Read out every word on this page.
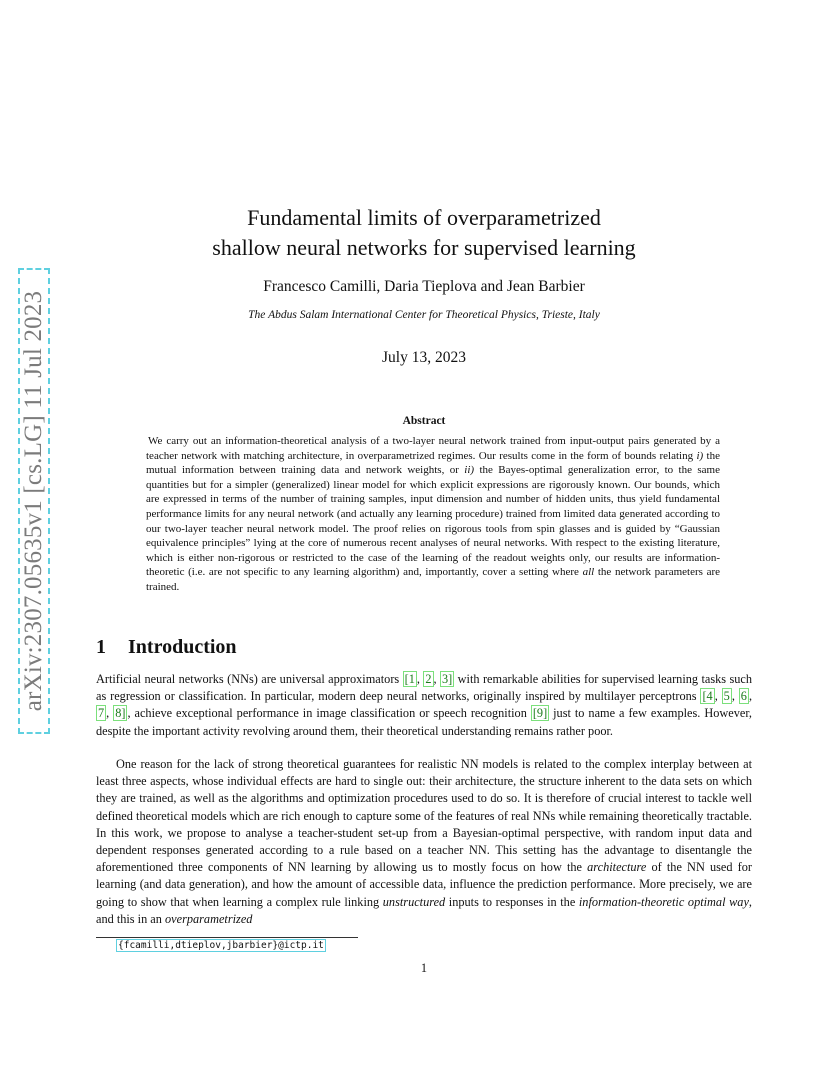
arXiv:2307.05635v1 [cs.LG] 11 Jul 2023
Fundamental limits of overparametrized
shallow neural networks for supervised learning
Francesco Camilli, Daria Tieplova and Jean Barbier
The Abdus Salam International Center for Theoretical Physics, Trieste, Italy
July 13, 2023
Abstract

We carry out an information-theoretical analysis of a two-layer neural network trained from input-output pairs generated by a teacher network with matching architecture, in overparametrized regimes. Our results come in the form of bounds relating i) the mutual information between training data and network weights, or ii) the Bayes-optimal generalization error, to the same quantities but for a simpler (generalized) linear model for which explicit expressions are rigorously known. Our bounds, which are expressed in terms of the number of training samples, input dimension and number of hidden units, thus yield fundamental performance limits for any neural network (and actually any learning procedure) trained from limited data generated according to our two-layer teacher neural network model. The proof relies on rigorous tools from spin glasses and is guided by “Gaussian equivalence principles” lying at the core of numerous recent analyses of neural networks. With respect to the existing literature, which is either non-rigorous or restricted to the case of the learning of the readout weights only, our results are information-theoretic (i.e. are not specific to any learning algorithm) and, importantly, cover a setting where all the network parameters are trained.

1 Introduction

Artificial neural networks (NNs) are universal approximators [1 , 2 , 3] with remarkable abilities for supervised learning tasks such as regression or classification. In particular, modern deep neural networks, originally inspired by multilayer perceptrons [4 , 5 , 6 , 7 , 8] , achieve exceptional performance in image classification or speech recognition [9] just to name a few examples. However, despite the important activity revolving around them, their theoretical understanding remains rather poor.

One reason for the lack of strong theoretical guarantees for realistic NN models is related to the complex interplay between at least three aspects, whose individual effects are hard to single out: their architecture, the structure inherent to the data sets on which they are trained, as well as the algorithms and optimization procedures used to do so. It is therefore of crucial interest to tackle well defined theoretical models which are rich enough to capture some of the features of real NNs while remaining theoretically tractable. In this work, we propose to analyse a teacher-student set-up from a Bayesian-optimal perspective, with random input data and dependent responses generated according to a rule based on a teacher NN. This setting has the advantage to disentangle the aforementioned three components of NN learning by allowing us to mostly focus on how the architecture of the NN used for learning (and data generation), and how the amount of accessible data, influence the prediction performance. More precisely, we are going to show that when learning a complex rule linking unstructured inputs to responses in the information-theoretic optimal way, and this in an overparametrized

{fcamilli,dtieplov,jbarbier}@ictp.it
1
